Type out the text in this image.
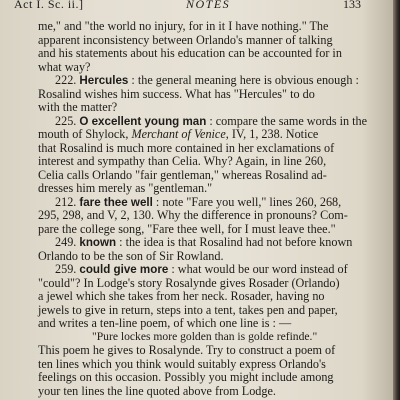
Act I. Sc. ii.]	NOTES	133
me," and "the world no injury, for in it I have nothing." The
apparent inconsistency between Orlando's manner of talking
and his statements about his education can be accounted for in
what way?
222. Hercules : the general meaning here is obvious enough :
Rosalind wishes him success. What has "Hercules" to do
with the matter?
225. O excellent young man : compare the same words in the
mouth of Shylock, Merchant of Venice, IV, 1, 238. Notice
that Rosalind is much more contained in her exclamations of
interest and sympathy than Celia. Why? Again, in line 260,
Celia calls Orlando "fair gentleman," whereas Rosalind ad-
dresses him merely as "gentleman."
212. fare thee well : note "Fare you well," lines 260, 268,
295, 298, and V, 2, 130. Why the difference in pronouns? Com-
pare the college song, "Fare thee well, for I must leave thee."
249. known : the idea is that Rosalind had not before known
Orlando to be the son of Sir Rowland.
259. could give more : what would be our word instead of
"could"? In Lodge's story Rosalynde gives Rosader (Orlando)
a jewel which she takes from her neck. Rosader, having no
jewels to give in return, steps into a tent, takes pen and paper,
and writes a ten-line poem, of which one line is : —
"Pure lockes more golden than is golde refinde."
This poem he gives to Rosalynde. Try to construct a poem of
ten lines which you think would suitably express Orlando's
feelings on this occasion. Possibly you might include among
your ten lines the line quoted above from Lodge.
